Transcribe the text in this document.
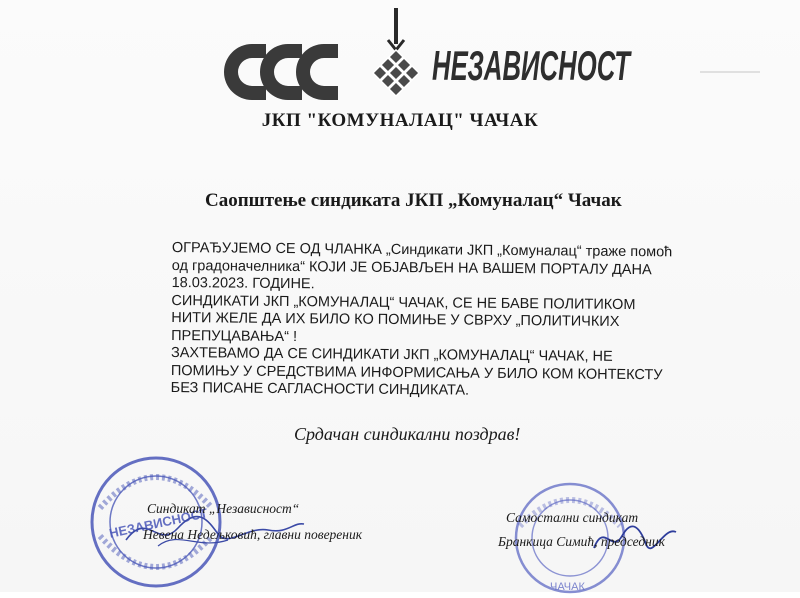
НЕЗАВИСНОСТ
ЈКП "КОМУНАЛАЦ" ЧАЧАК
Саопштење синдиката ЈКП „Комуналац“ Чачак

ОГРАЂУЈЕМО СЕ ОД ЧЛАНКА „Синдикати ЈКП „Комуналац“ траже помоћ
од градоначелника“ КОЈИ ЈЕ ОБЈАВЉЕН НА ВАШЕМ ПОРТАЛУ ДАНА
18.03.2023. ГОДИНЕ.

СИНДИКАТИ ЈКП „КОМУНАЛАЦ“ ЧАЧАК, СЕ НЕ БАВЕ ПОЛИТИКОМ
НИТИ ЖЕЛЕ ДА ИХ БИЛО КО ПОМИЊЕ У СВРХУ „ПОЛИТИЧКИХ
ПРЕПУЦАВАЊА“ !

ЗАХТЕВАМО ДА СЕ СИНДИКАТИ ЈКП „КОМУНАЛАЦ“ ЧАЧАК, НЕ
ПОМИЊУ У СРЕДСТВИМА ИНФОРМИСАЊА У БИЛО КОМ КОНТЕКСТУ
БЕЗ ПИСАНЕ САГЛАСНОСТИ СИНДИКАТА.

Срдачан синдикални поздрав!
НЕЗАВИСНОСТ
ЧАЧАК
Синдикат „Независност“
Невена Недељковић, главни повереник
Самостални синдикат
Бранкица Симић, председник
